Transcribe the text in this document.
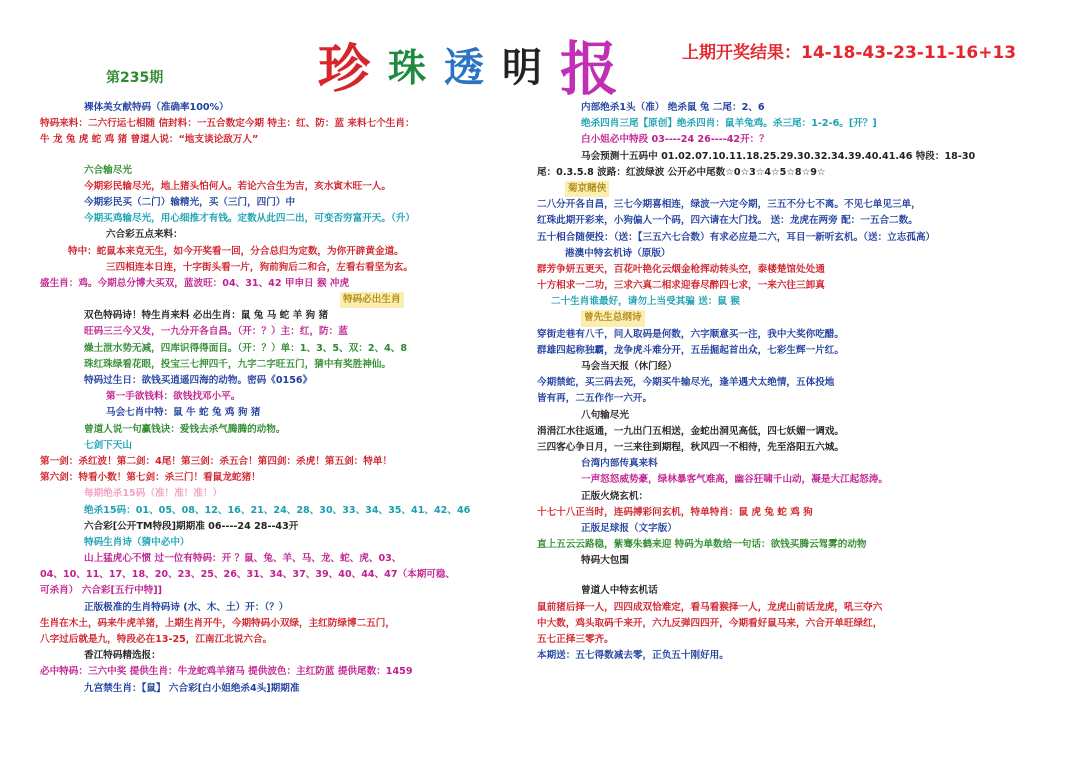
珍 珠 透 明 报	上期开奖结果：14-18-43-23-11-16+13
第235期
裸体美女献特码（准确率100%）
特码来料：二六行运七相随 信封料：一五合数定今期 特主：红、防：蓝 来料七个生肖：
牛 龙 兔 虎 蛇 鸡 猪 曾道人说：“地支谈论敌万人”
六合输尽光
今期彩民输尽光，地上猪头怕何人。若论六合生为吉，亥水寅木旺一人。
今期彩民买（二门）输精光，买（三门，四门）中
今期买鸡输尽光，用心细推才有钱。定数从此四二出，可变否穷富开天。（升）
六合彩五点来料：
特中：蛇鼠本来克无生，如今开奖看一回，分合总归为定数，为你开辟黄金道。
三四相连本日连，十字街头看一片，狗前狗后二和合，左看右看坚为玄。
盛生肖：鸡。今期总分博大买双，蓝波旺：04、31、42 甲申日 猴 冲虎
特码必出生肖
双色特码诗！特生肖来料 必出生肖：鼠 兔 马 蛇 羊 狗 猪
旺码三三今又发，一九分开各自昌。（开：？）主：红，防：蓝
燥土泄水势无减，四库识得得面目。（开：？）单：1、3、5、双：2、4、8
珠红珠绿看花眼，投宝三七押四千，九字二字旺五门，猜中有奖胜神仙。
特码过生日：欲钱买逍遥四海的动物。密码《0156》
第一手欲钱料：欲钱找邓小平。
马会七肖中特：鼠 牛 蛇 兔 鸡 狗 猪
曾道人说一句赢钱诀：爱钱去杀气腾腾的动物。
七剑下天山
第一剑：杀红波！第二剑：4尾！第三剑：杀五合！第四剑：杀虎！第五剑：特单！
第六剑：特看小数！第七剑：杀三门！看鼠龙蛇猪！
每期绝杀15码（准！准！准！）
绝杀15码：01、05、08、12、16、21、24、28、30、33、34、35、41、42、46
六合彩[公开TM特段]期期准 06----24 28--43开
特码生肖诗（猜中必中）
山上猛虎心不惯 过一位有特码：开 ？鼠、兔、羊、马、龙、蛇、虎、03、
04、10、11、17、18、20、23、25、26、31、34、37、39、40、44、47（本期可稳、
可杀肖） 六合彩[五行中特]]
正版极准的生肖特码诗 (水、木、土）开：（？）
生肖在木土，码来牛虎羊猪，上期生肖开牛，今期特码小双绿，主红防绿博二五门，
八字过后就是九，特段必在13-25，江南江北说六合。
香江特码精选报：
必中特码：三六中奖 提供生肖：牛龙蛇鸡羊猪马 提供波色：主红防蓝 提供尾数：1459
九宫禁生肖：【鼠】 六合彩[白小姐绝杀4头]期期准
内部绝杀1头（准） 绝杀鼠 兔 二尾：2、6
绝杀四肖三尾【原创】绝杀四肖：鼠羊兔鸡。杀三尾：1-2-6。[开？]
白小姐必中特段 03----24 26----42开：？
马会预测十五码中 01.02.07.10.11.18.25.29.30.32.34.39.40.41.46 特段：18-30
尾：0.3.5.8 波路：红波绿波 公开必中尾数☆0☆3☆4☆5☆8☆9☆
菊京赌侠
二八分开各自昌，三七今期喜相连，绿波一六定今期，三五不分七不离。不见七单见三单，
红珠此期开彩来，小狗偏人一个码，四六请在大门找。 送：龙虎在两旁 配：一五合二数。
五十相合随便投：（送：【三五六七合数）有求必应是二六，耳目一新听玄机。（送：立志孤高）
港澳中特玄机诗（原版）
群芳争妍五更天，百花叶艳化云烟金枪挥动转头空，泰楼楚馆处处通
十方相求一二功，三求六真二相求迎春尽醉四七求，一来六往三卸真
二十生肖谁最好，请勿上当受其骗 送：鼠 猴
曾先生总纲诗
穿街走巷有八千，问人取码是何数，六字顺意买一注，我中大奖你吃醋。
群雄四起称独霸，龙争虎斗难分开，五岳掘起首出众，七彩生辉一片红。
马会当天报（休门经）
今期禁蛇，买三码去死，今期买牛输尽光，逢羊遇犬太绝情，五体投地
皆有再，二五作作一六开。
八句输尽光
涓涓江水往返通，一九出门五相送，金蛇出洞见高低，四七妖媚一调戏。
三四客心争日月，一三来往到期程，秋风四一不相待，先至洛阳五六城。
台湾内部传真来料
一声怒怒威势豪，绿林暴客气难高，幽谷狂啸千山动，凝是大江起怒涛。
正版火烧玄机：
十七十八正当时，连码搏彩问玄机，特单特肖：鼠 虎 兔 蛇 鸡 狗
正版足球报（文字版）
直上五云云路稳，紫骞朱鹤来迎 特码为单数给一句话：欲钱买腾云驾雾的动物
特码大包围
曾道人中特玄机话
鼠前猪后择一人，四四成双恰难定，看马看猴择一人，龙虎山前话龙虎，吼三夺六
中大数，鸡头取码千来开，六九反弹四四开，今期看好鼠马来，六合开单旺绿红，
五七正择三零齐。
本期送：五七得数减去零，正负五十刚好用。
